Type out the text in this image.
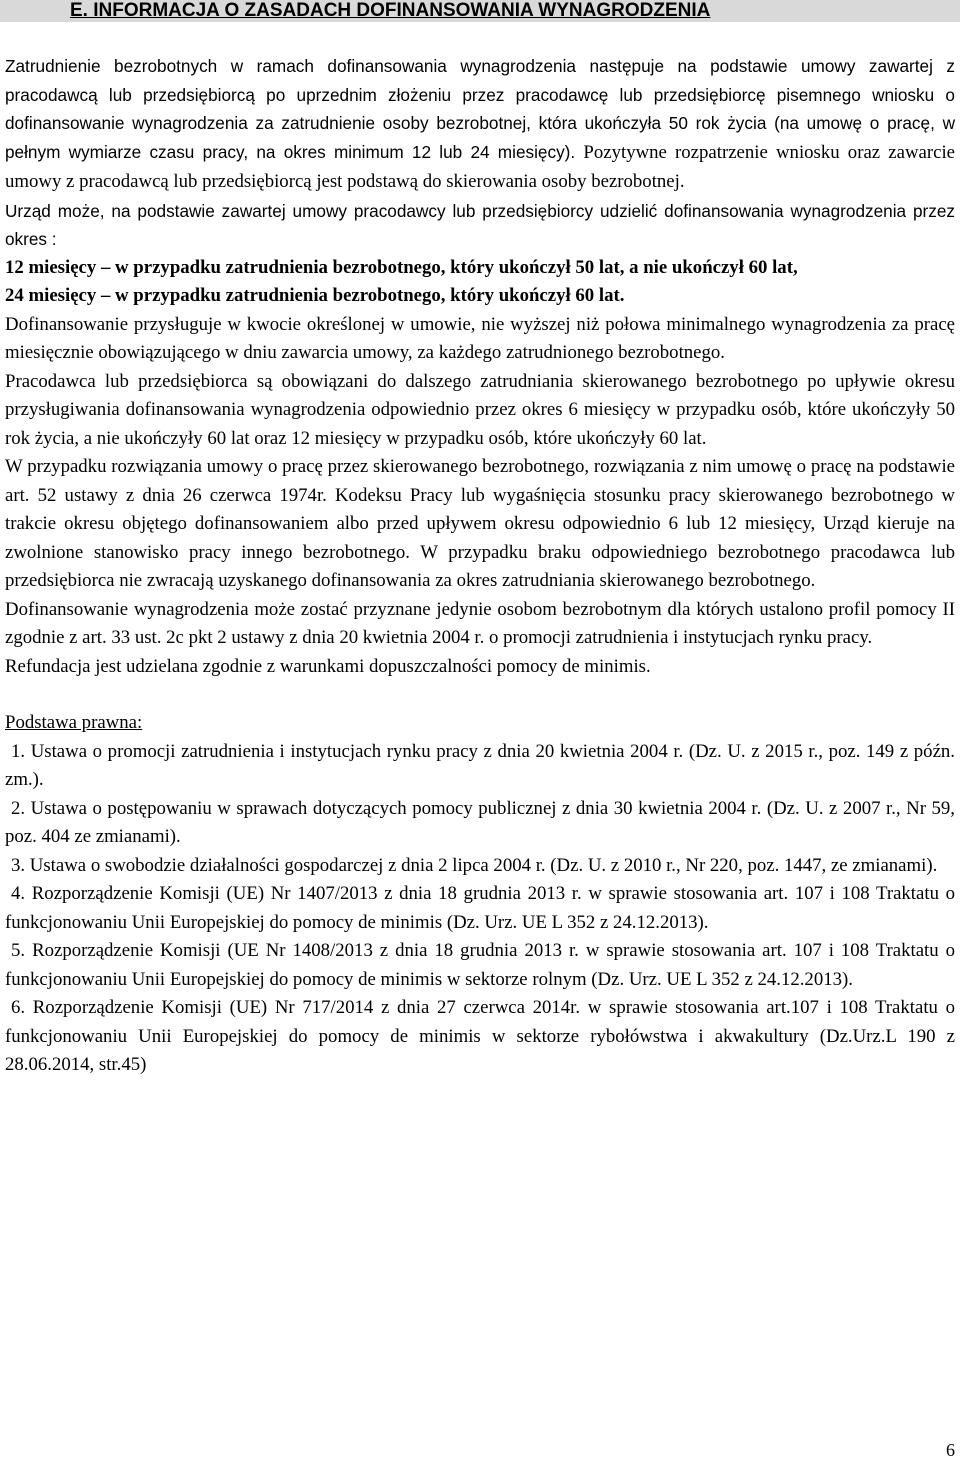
E. INFORMACJA O ZASADACH DOFINANSOWANIA WYNAGRODZENIA

Zatrudnienie bezrobotnych w ramach dofinansowania wynagrodzenia następuje na podstawie umowy zawartej z pracodawcą lub przedsiębiorcą po uprzednim złożeniu przez pracodawcę lub przedsiębiorcę pisemnego wniosku o dofinansowanie wynagrodzenia za zatrudnienie osoby bezrobotnej, która ukończyła 50 rok życia (na umowę o pracę, w pełnym wymiarze czasu pracy, na okres minimum 12 lub 24 miesięcy). Pozytywne rozpatrzenie wniosku oraz zawarcie umowy z pracodawcą lub przedsiębiorcą jest podstawą do skierowania osoby bezrobotnej.

Urząd może, na podstawie zawartej umowy pracodawcy lub przedsiębiorcy udzielić dofinansowania wynagrodzenia przez okres :

12 miesięcy – w przypadku zatrudnienia bezrobotnego, który ukończył 50 lat, a nie ukończył 60 lat,

24 miesięcy – w przypadku zatrudnienia bezrobotnego, który ukończył 60 lat.

Dofinansowanie przysługuje w kwocie określonej w umowie, nie wyższej niż połowa minimalnego wynagrodzenia za pracę miesięcznie obowiązującego w dniu zawarcia umowy, za każdego zatrudnionego bezrobotnego.

Pracodawca lub przedsiębiorca są obowiązani do dalszego zatrudniania skierowanego bezrobotnego po upływie okresu przysługiwania dofinansowania wynagrodzenia odpowiednio przez okres 6 miesięcy w przypadku osób, które ukończyły 50 rok życia, a nie ukończyły 60 lat oraz 12 miesięcy w przypadku osób, które ukończyły 60 lat.

W przypadku rozwiązania umowy o pracę przez skierowanego bezrobotnego, rozwiązania z nim umowę o pracę na podstawie art. 52 ustawy z dnia 26 czerwca 1974r. Kodeksu Pracy lub wygaśnięcia stosunku pracy skierowanego bezrobotnego w trakcie okresu objętego dofinansowaniem albo przed upływem okresu odpowiednio 6 lub 12 miesięcy, Urząd kieruje na zwolnione stanowisko pracy innego bezrobotnego. W przypadku braku odpowiedniego bezrobotnego pracodawca lub przedsiębiorca nie zwracają uzyskanego dofinansowania za okres zatrudniania skierowanego bezrobotnego.

Dofinansowanie wynagrodzenia może zostać przyznane jedynie osobom bezrobotnym dla których ustalono profil pomocy II zgodnie z art. 33 ust. 2c pkt 2 ustawy z dnia 20 kwietnia 2004 r. o promocji zatrudnienia i instytucjach rynku pracy.

Refundacja jest udzielana zgodnie z warunkami dopuszczalności pomocy de minimis.

Podstawa prawna:

1. Ustawa o promocji zatrudnienia i instytucjach rynku pracy z dnia 20 kwietnia 2004 r. (Dz. U. z 2015 r., poz. 149 z późn. zm.).

2. Ustawa o postępowaniu w sprawach dotyczących pomocy publicznej z dnia 30 kwietnia 2004 r. (Dz. U. z 2007 r., Nr 59, poz. 404 ze zmianami).

3. Ustawa o swobodzie działalności gospodarczej z dnia 2 lipca 2004 r. (Dz. U. z 2010 r., Nr 220, poz. 1447, ze zmianami).

4. Rozporządzenie Komisji (UE) Nr 1407/2013 z dnia 18 grudnia 2013 r. w sprawie stosowania art. 107 i 108 Traktatu o funkcjonowaniu Unii Europejskiej do pomocy de minimis (Dz. Urz. UE L 352 z 24.12.2013).

5. Rozporządzenie Komisji (UE Nr 1408/2013 z dnia 18 grudnia 2013 r. w sprawie stosowania art. 107 i 108 Traktatu o funkcjonowaniu Unii Europejskiej do pomocy de minimis w sektorze rolnym (Dz. Urz. UE L 352 z 24.12.2013).

6. Rozporządzenie Komisji (UE) Nr 717/2014 z dnia 27 czerwca 2014r. w sprawie stosowania art.107 i 108 Traktatu o funkcjonowaniu Unii Europejskiej do pomocy de minimis w sektorze rybołówstwa i akwakultury (Dz.Urz.L 190 z 28.06.2014, str.45)

6
